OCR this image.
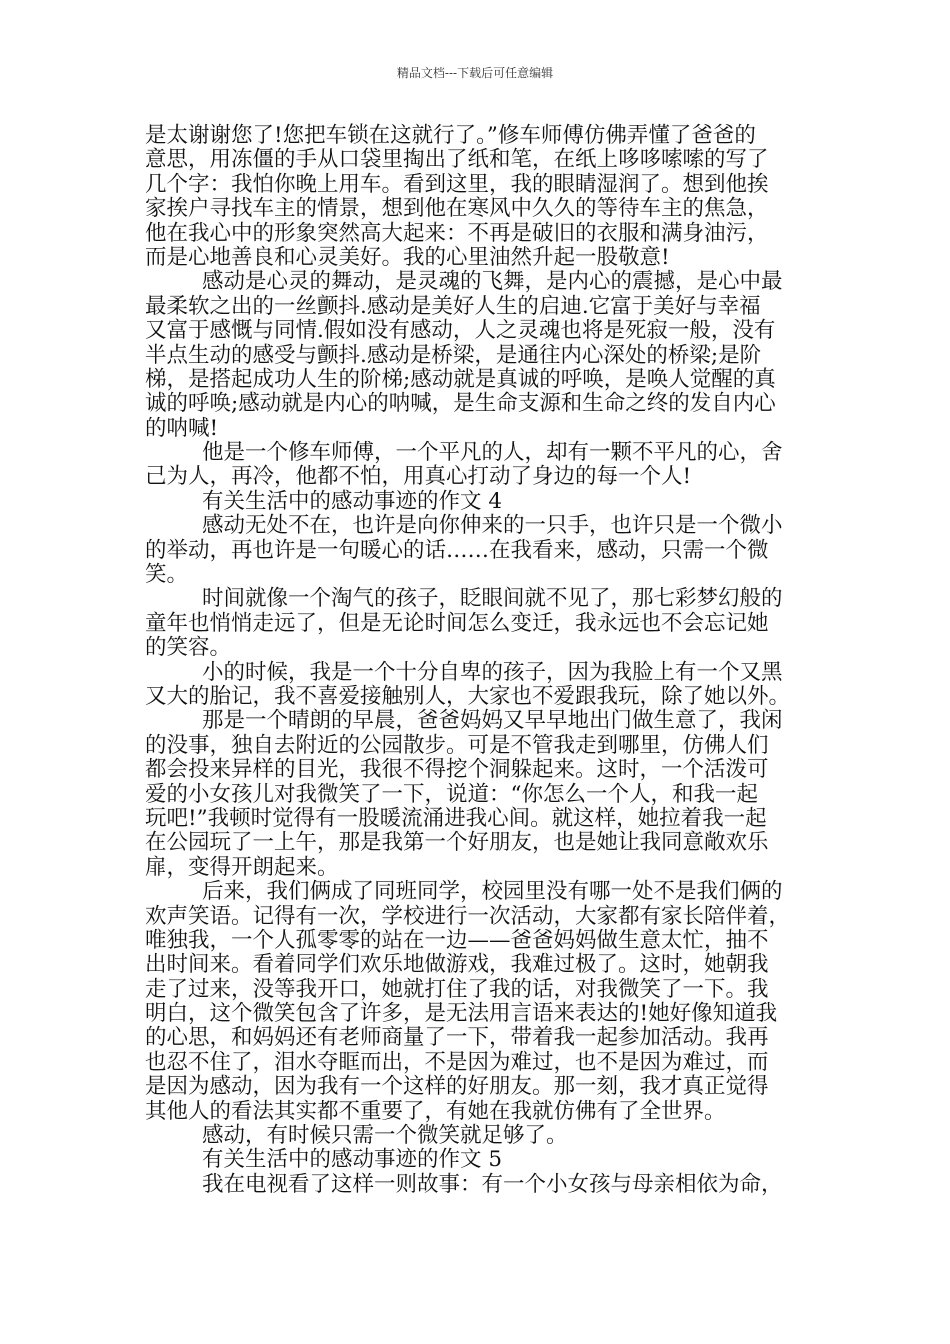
精品文档---下载后可任意编辑
是太谢谢您了!您把车锁在这就行了。”修车师傅仿佛弄懂了爸爸的
意思，用冻僵的手从口袋里掏出了纸和笔，在纸上哆哆嗦嗦的写了
几个字：我怕你晚上用车。看到这里，我的眼睛湿润了。想到他挨
家挨户寻找车主的情景，想到他在寒风中久久的等待车主的焦急，
他在我心中的形象突然高大起来：不再是破旧的衣服和满身油污，
而是心地善良和心灵美好。我的心里油然升起一股敬意!
感动是心灵的舞动，是灵魂的飞舞，是内心的震撼，是心中最
最柔软之出的一丝颤抖.感动是美好人生的启迪.它富于美好与幸福
又富于感慨与同情.假如没有感动，人之灵魂也将是死寂一般，没有
半点生动的感受与颤抖.感动是桥梁，是通往内心深处的桥梁;是阶
梯，是搭起成功人生的阶梯;感动就是真诚的呼唤，是唤人觉醒的真
诚的呼唤;感动就是内心的呐喊，是生命支源和生命之终的发自内心
的呐喊!
他是一个修车师傅，一个平凡的人，却有一颗不平凡的心，舍
己为人，再冷，他都不怕，用真心打动了身边的每一个人!
有关生活中的感动事迹的作文 4
感动无处不在，也许是向你伸来的一只手，也许只是一个微小
的举动，再也许是一句暖心的话……在我看来，感动，只需一个微
笑。
时间就像一个淘气的孩子，眨眼间就不见了，那七彩梦幻般的
童年也悄悄走远了，但是无论时间怎么变迁，我永远也不会忘记她
的笑容。
小的时候，我是一个十分自卑的孩子，因为我脸上有一个又黑
又大的胎记，我不喜爱接触别人，大家也不爱跟我玩，除了她以外。
那是一个晴朗的早晨，爸爸妈妈又早早地出门做生意了，我闲
的没事，独自去附近的公园散步。可是不管我走到哪里，仿佛人们
都会投来异样的目光，我很不得挖个洞躲起来。这时，一个活泼可
爱的小女孩儿对我微笑了一下，说道：“你怎么一个人，和我一起
玩吧!”我顿时觉得有一股暖流涌进我心间。就这样，她拉着我一起
在公园玩了一上午，那是我第一个好朋友，也是她让我同意敞欢乐
扉，变得开朗起来。
后来，我们俩成了同班同学，校园里没有哪一处不是我们俩的
欢声笑语。记得有一次，学校进行一次活动，大家都有家长陪伴着，
唯独我，一个人孤零零的站在一边——爸爸妈妈做生意太忙，抽不
出时间来。看着同学们欢乐地做游戏，我难过极了。这时，她朝我
走了过来，没等我开口，她就打住了我的话，对我微笑了一下。我
明白，这个微笑包含了许多，是无法用言语来表达的!她好像知道我
的心思，和妈妈还有老师商量了一下，带着我一起参加活动。我再
也忍不住了，泪水夺眶而出，不是因为难过，也不是因为难过，而
是因为感动，因为我有一个这样的好朋友。那一刻，我才真正觉得
其他人的看法其实都不重要了，有她在我就仿佛有了全世界。
感动，有时候只需一个微笑就足够了。
有关生活中的感动事迹的作文 5
我在电视看了这样一则故事：有一个小女孩与母亲相依为命，
